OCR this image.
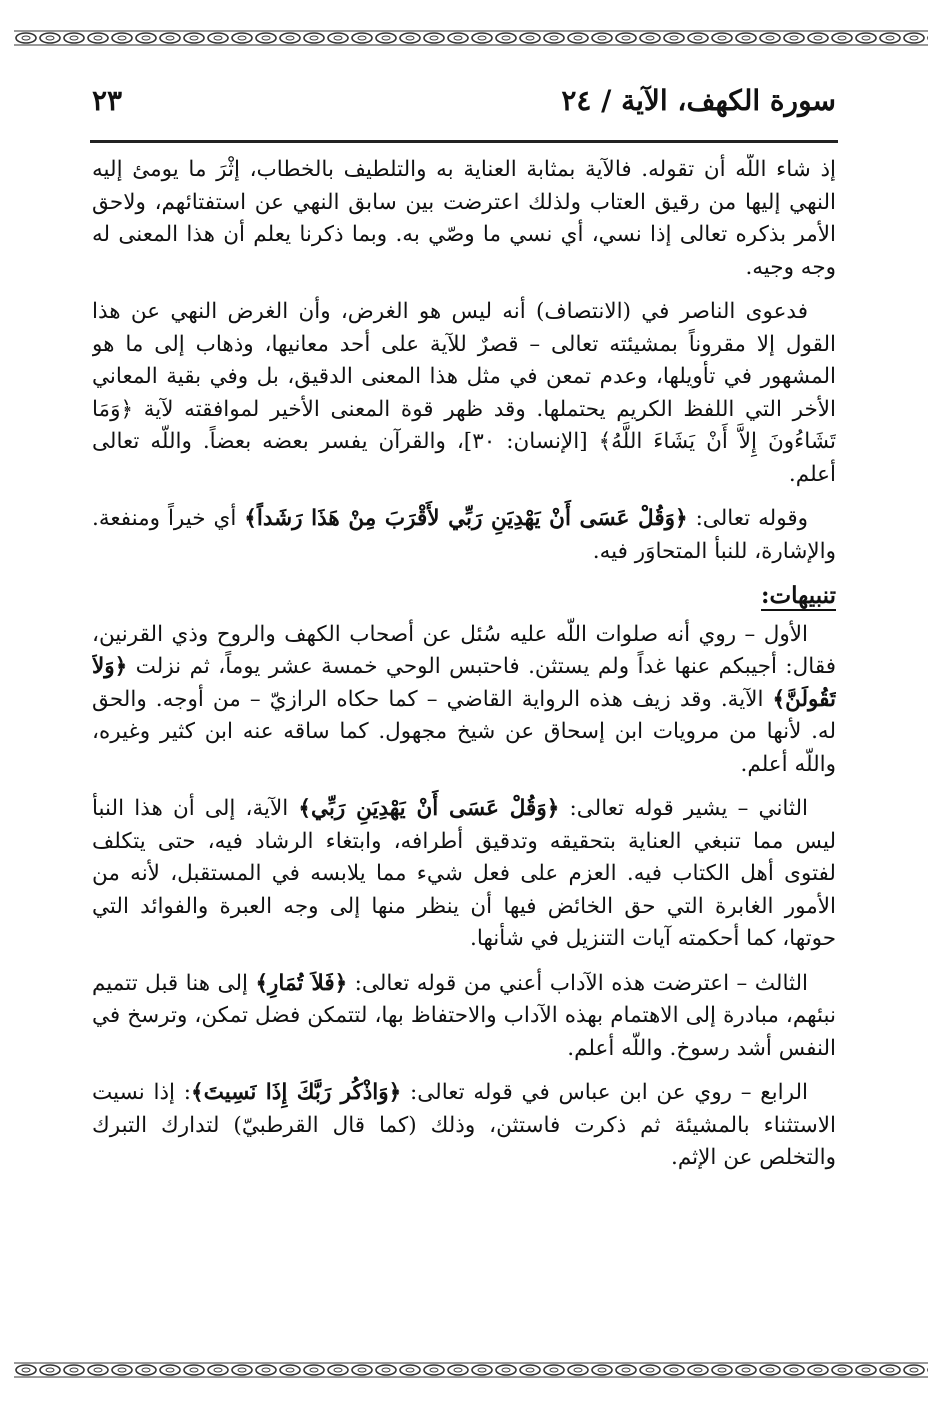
سورة الكهف، الآية / ٢٤
٢٣

إذ شاء اللّه أن تقوله. فالآية بمثابة العناية به والتلطيف بالخطاب، إثْرَ ما يومئ إليه النهي إليها من رقيق العتاب ولذلك اعترضت بين سابق النهي عن استفتائهم، ولاحق الأمر بذكره تعالى إذا نسي، أي نسي ما وصّي به. وبما ذكرنا يعلم أن هذا المعنى له وجه وجيه.

فدعوى الناصر في (الانتصاف) أنه ليس هو الغرض، وأن الغرض النهي عن هذا القول إلا مقروناً بمشيئته تعالى – قصرٌ للآية على أحد معانيها، وذهاب إلى ما هو المشهور في تأويلها، وعدم تمعن في مثل هذا المعنى الدقيق، بل وفي بقية المعاني الأخر التي اللفظ الكريم يحتملها. وقد ظهر قوة المعنى الأخير لموافقته لآية ﴿وَمَا تَشَاءُونَ إِلاَّ أَنْ يَشَاءَ اللَّهُ﴾ [الإنسان: ٣٠]، والقرآن يفسر بعضه بعضاً. واللّه تعالى أعلم.

وقوله تعالى: ﴿وَقُلْ عَسَى أَنْ يَهْدِيَنِ رَبِّي لأَقْرَبَ مِنْ هَذَا رَشَداً﴾ أي خيراً ومنفعة. والإشارة، للنبأ المتحاوَر فيه.

تنبيهات:

الأول – روي أنه صلوات اللّه عليه سُئل عن أصحاب الكهف والروح وذي القرنين، فقال: أجيبكم عنها غداً ولم يستثن. فاحتبس الوحي خمسة عشر يوماً، ثم نزلت ﴿وَلاَ تَقُولَنَّ﴾ الآية. وقد زيف هذه الرواية القاضي – كما حكاه الرازيّ – من أوجه. والحق له. لأنها من مرويات ابن إسحاق عن شيخ مجهول. كما ساقه عنه ابن كثير وغيره، واللّه أعلم.

الثاني – يشير قوله تعالى: ﴿وَقُلْ عَسَى أَنْ يَهْدِيَنِ رَبِّي﴾ الآية، إلى أن هذا النبأ ليس مما تنبغي العناية بتحقيقه وتدقيق أطرافه، وابتغاء الرشاد فيه، حتى يتكلف لفتوى أهل الكتاب فيه. العزم على فعل شيء مما يلابسه في المستقبل، لأنه من الأمور الغابرة التي حق الخائض فيها أن ينظر منها إلى وجه العبرة والفوائد التي حوتها، كما أحكمته آيات التنزيل في شأنها.

الثالث – اعترضت هذه الآداب أعني من قوله تعالى: ﴿فَلاَ تُمَارِ﴾ إلى هنا قبل تتميم نبئهم، مبادرة إلى الاهتمام بهذه الآداب والاحتفاظ بها، لتتمكن فضل تمكن، وترسخ في النفس أشد رسوخ. واللّه أعلم.

الرابع – روي عن ابن عباس في قوله تعالى: ﴿وَاذْكُر رَبَّكَ إِذَا نَسِيتَ﴾: إذا نسيت الاستثناء بالمشيئة ثم ذكرت فاستثن، وذلك (كما قال القرطبيّ) لتدارك التبرك والتخلص عن الإثم.
